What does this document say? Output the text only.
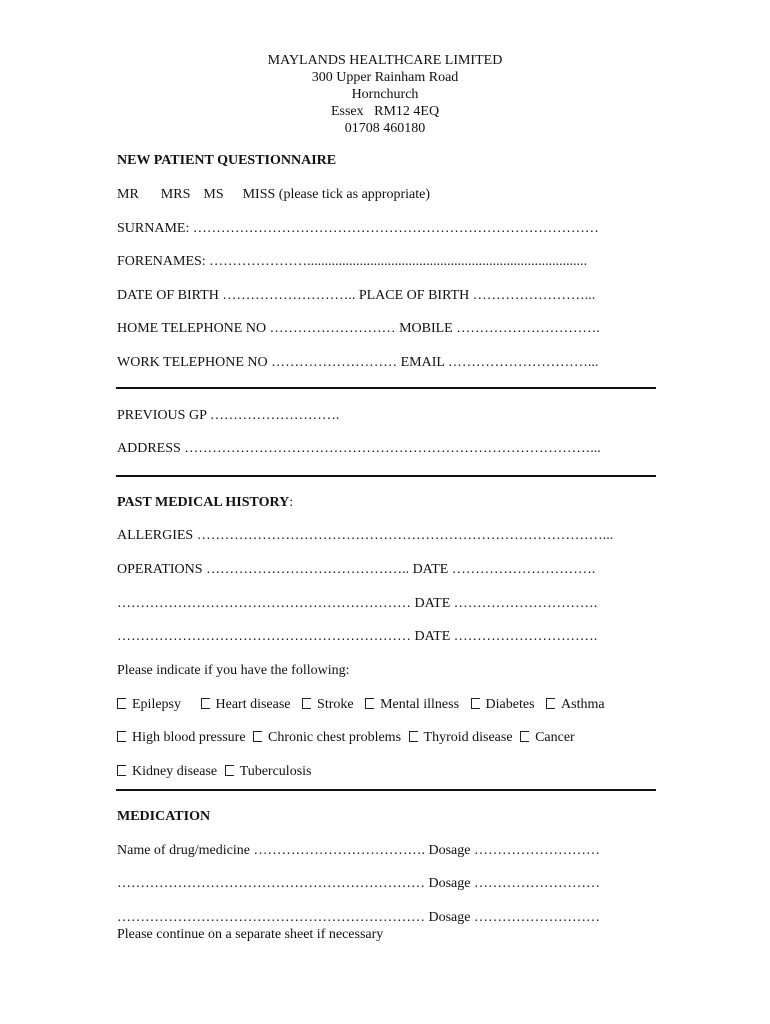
MAYLANDS HEALTHCARE LIMITED
300 Upper Rainham Road
Hornchurch
Essex   RM12 4EQ
01708 460180
NEW PATIENT QUESTIONNAIRE
MR MRS MS MISS (please tick as appropriate)
SURNAME: ……………………………………………………………………………
FORENAMES: …………………................................................................................
DATE OF BIRTH ……………………….. PLACE OF BIRTH ……………………...
HOME TELEPHONE NO ……………………… MOBILE ………………………….
WORK TELEPHONE NO ……………………… EMAIL …………………………...
PREVIOUS GP ……………………….
ADDRESS ……………………………………………………………………………...
PAST MEDICAL HISTORY:
ALLERGIES ……………………………………………………………………………...
OPERATIONS …………………………………….. DATE ………………………….
……………………………………………………… DATE ………………………….
……………………………………………………… DATE ………………………….
Please indicate if you have the following:
Epilepsy Heart disease Stroke Mental illness Diabetes Asthma
High blood pressure Chronic chest problems Thyroid disease Cancer
Kidney disease Tuberculosis
MEDICATION
Name of drug/medicine ………………………………. Dosage ………………………
………………………………………………………… Dosage ………………………
………………………………………………………… Dosage ………………………
Please continue on a separate sheet if necessary
